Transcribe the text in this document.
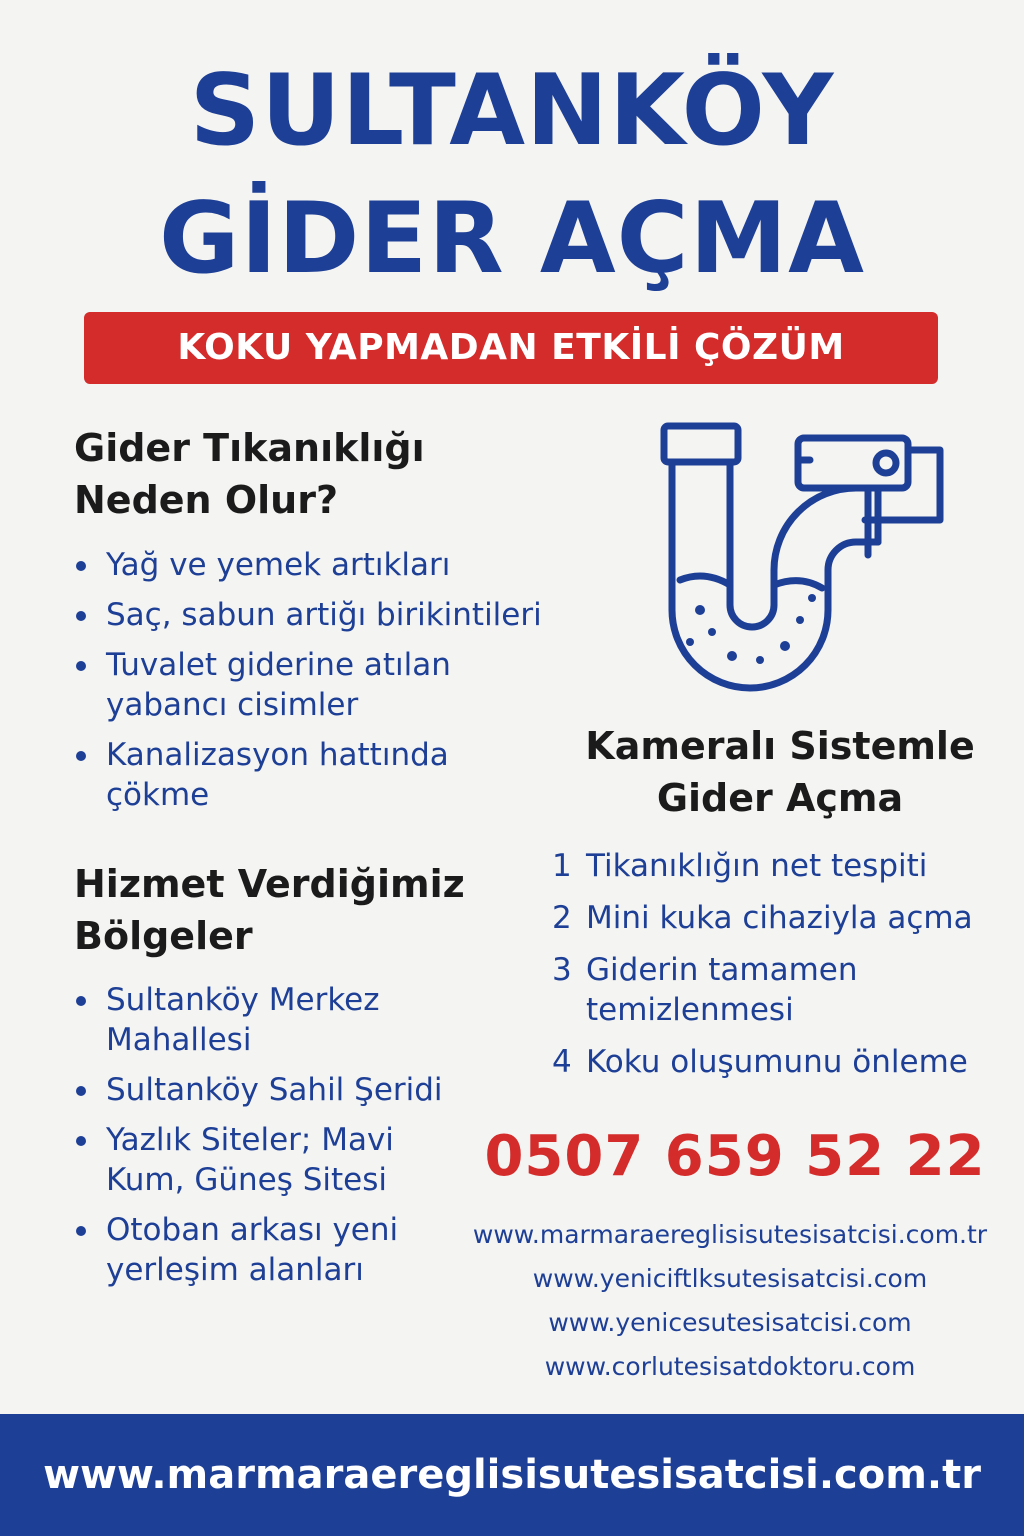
SULTANKÖY
GİDER AÇMA
KOKU YAPMADAN ETKİLİ ÇÖZÜM
Gider Tıkanıklığı
Neden Olur?
Yağ ve yemek artıkları
Saç, sabun artiğı birikintileri
Tuvalet giderine atılan yabancı cisimler
Kanalizasyon hattında çökme
Kameralı Sistemle
Gider Açma
1 Tikanıklığın net tespiti
2 Mini kuka cihaziyla açma
3 Giderin tamamen temizlenmesi
4 Koku oluşumunu önleme
Hizmet Verdiğimiz
Bölgeler
Sultanköy Merkez Mahallesi
Sultanköy Sahil Şeridi
Yazlık Siteler; Mavi Kum, Güneş Sitesi
Otoban arkası yeni yerleşim alanları
0507 659 52 22
www.marmaraereglisisutesisatcisi.com.tr
www.yeniciftlksutesisatcisi.com
www.yenicesutesisatcisi.com
www.corlutesisatdoktoru.com
www.marmaraereglisisutesisatcisi.com.tr
